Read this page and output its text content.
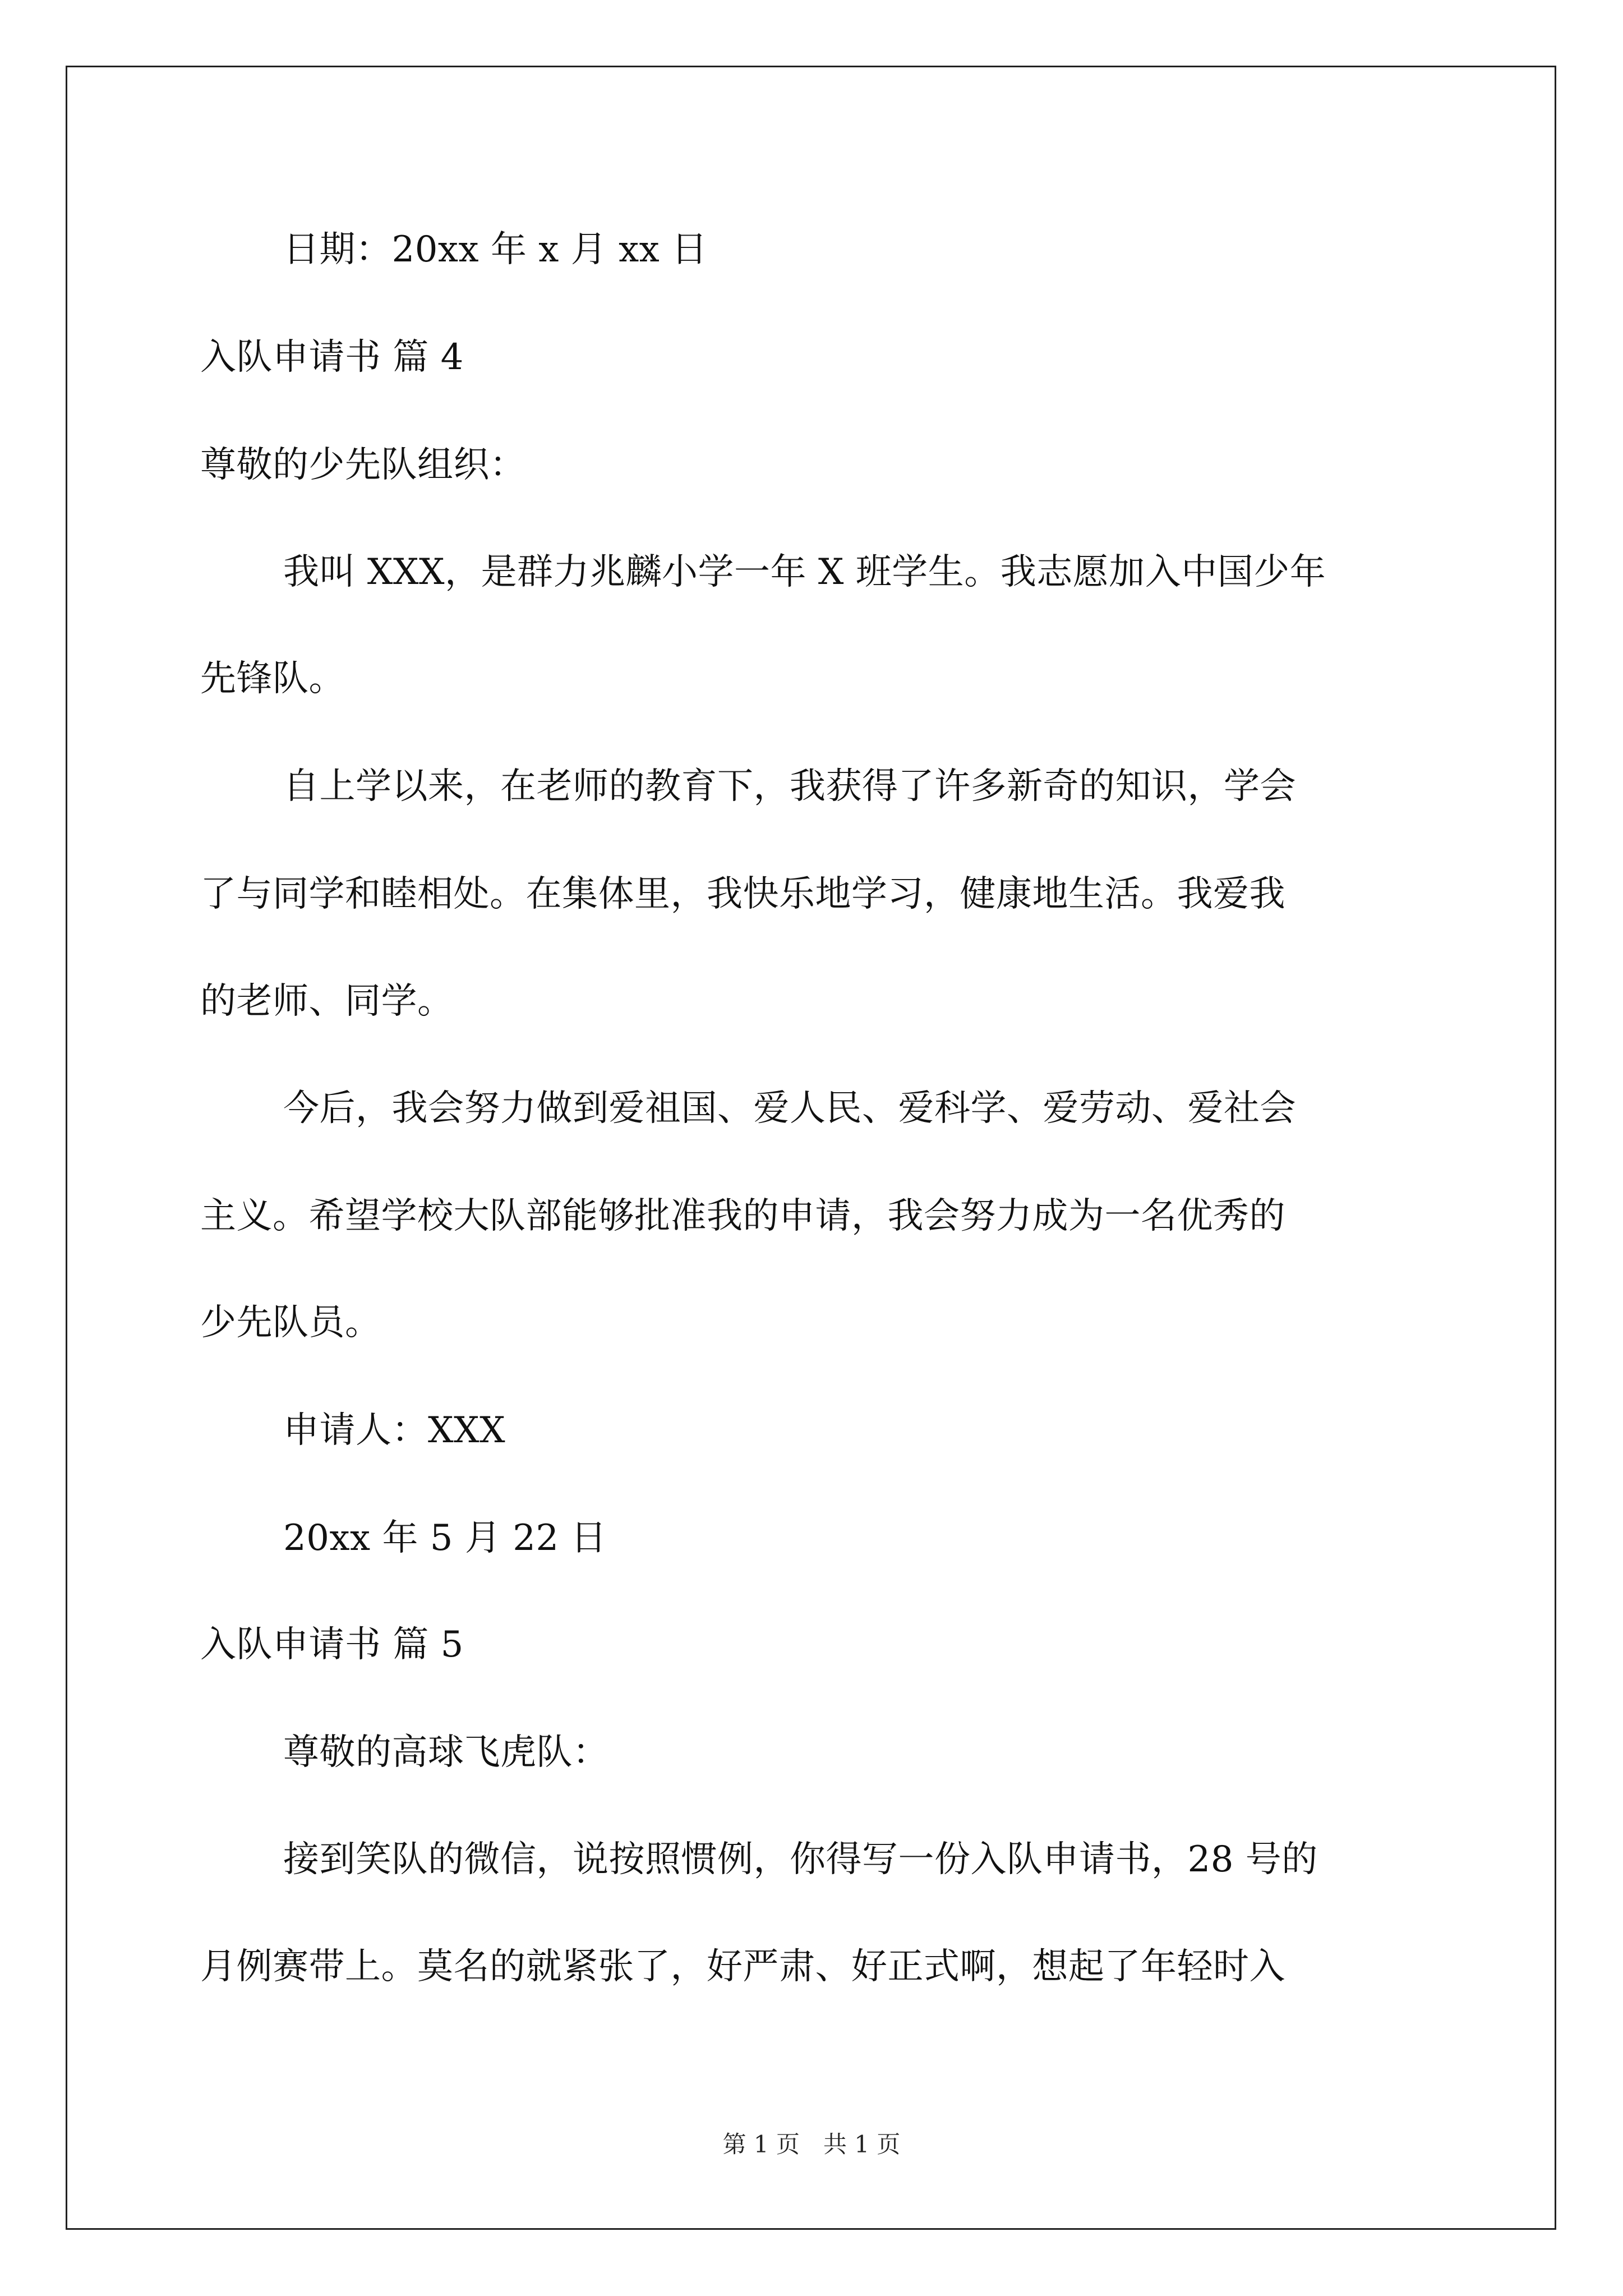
日期：20xx 年 x 月 xx 日
入队申请书 篇 4
尊敬的少先队组织：
我叫 XXX，是群力兆麟小学一年 X 班学生。我志愿加入中国少年
先锋队。
自上学以来，在老师的教育下，我获得了许多新奇的知识，学会
了与同学和睦相处。在集体里，我快乐地学习，健康地生活。我爱我
的老师、同学。
今后，我会努力做到爱祖国、爱人民、爱科学、爱劳动、爱社会
主义。希望学校大队部能够批准我的申请，我会努力成为一名优秀的
少先队员。
申请人：XXX
20xx 年 5 月 22 日
入队申请书 篇 5
尊敬的高球飞虎队：
接到笑队的微信，说按照惯例，你得写一份入队申请书，28 号的
月例赛带上。莫名的就紧张了，好严肃、好正式啊，想起了年轻时入
第 1 页　共 1 页
